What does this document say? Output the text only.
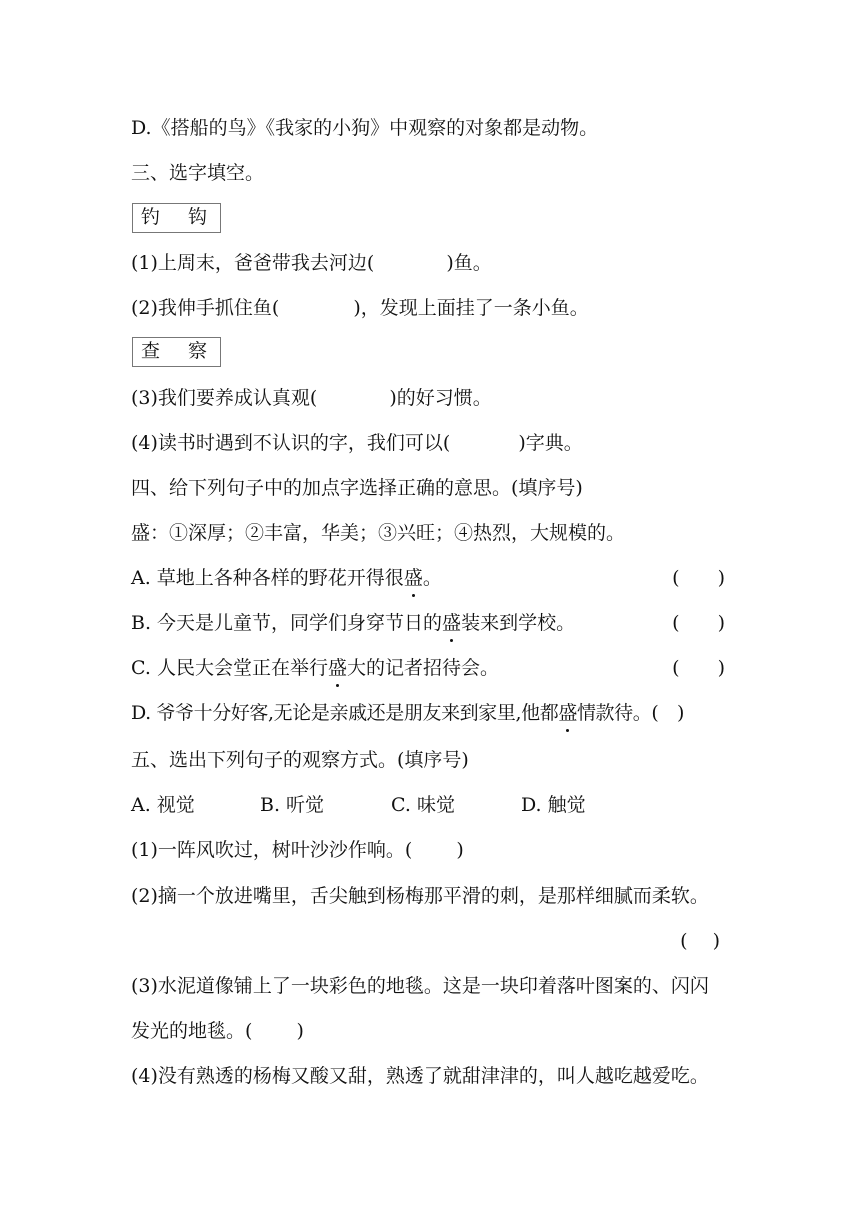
D.《搭船的鸟》《我家的小狗》中观察的对象都是动物。
三、选字填空。
钓 钩
(1)上周末，爸爸带我去河边(	)鱼。
(2)我伸手抓住鱼(	)，发现上面挂了一条小鱼。
查 察
(3)我们要养成认真观(	)的好习惯。
(4)读书时遇到不认识的字，我们可以(	)字典。
四、给下列句子中的加点字选择正确的意思。(填序号)
盛：①深厚；②丰富，华美；③兴旺；④热烈，大规模的。
A. 草地上各种各样的野花开得很盛。	(　　)
B. 今天是儿童节，同学们身穿节日的盛装来到学校。	(　　)
C. 人民大会堂正在举行盛大的记者招待会。	(　　)
D. 爷爷十分好客,无论是亲戚还是朋友来到家里,他都盛情款待。(　)
五、选出下列句子的观察方式。(填序号)
A. 视觉	B. 听觉	C. 味觉	D. 触觉
(1)一阵风吹过，树叶沙沙作响。(　　 )
(2)摘一个放进嘴里，舌尖触到杨梅那平滑的刺，是那样细腻而柔软。
(　 )
(3)水泥道像铺上了一块彩色的地毯。这是一块印着落叶图案的、闪闪
发光的地毯。(　　 )
(4)没有熟透的杨梅又酸又甜，熟透了就甜津津的，叫人越吃越爱吃。
